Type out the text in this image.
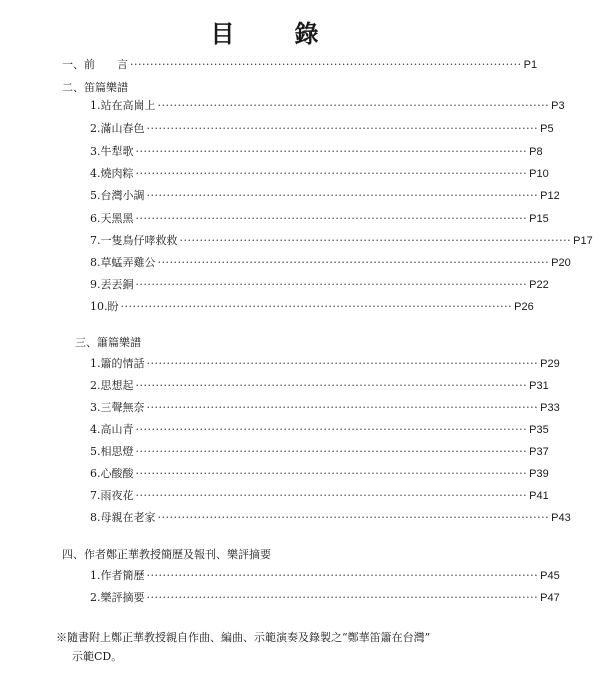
目　錄
一、前　　言 ·································································································· P1
二、笛篇樂譜
1.站在高崗上 ·································································································· P3
2.滿山春色 ·································································································· P5
3.牛犁歌 ·································································································· P8
4.燒肉粽 ·································································································· P10
5.台灣小調 ·································································································· P12
6.天黑黑 ·································································································· P15
7.一隻鳥仔哮救救 ·································································································· P17
8.草蜢弄雞公 ·································································································· P20
9.丟丟銅 ·································································································· P22
10.盼 ·································································································· P26
三、簫篇樂譜
1.簫的情話 ·································································································· P29
2.思想起 ·································································································· P31
3.三聲無奈 ·································································································· P33
4.高山青 ·································································································· P35
5.相思燈 ·································································································· P37
6.心酸酸 ·································································································· P39
7.雨夜花 ·································································································· P41
8.母親在老家 ·································································································· P43
四、作者鄭正華教授簡歷及報刊、樂評摘要
1.作者簡歷 ·································································································· P45
2.樂評摘要 ·································································································· P47
※隨書附上鄭正華教授親自作曲、編曲、示範演奏及錄製之“鄭華笛簫在台灣”
示範CD。
